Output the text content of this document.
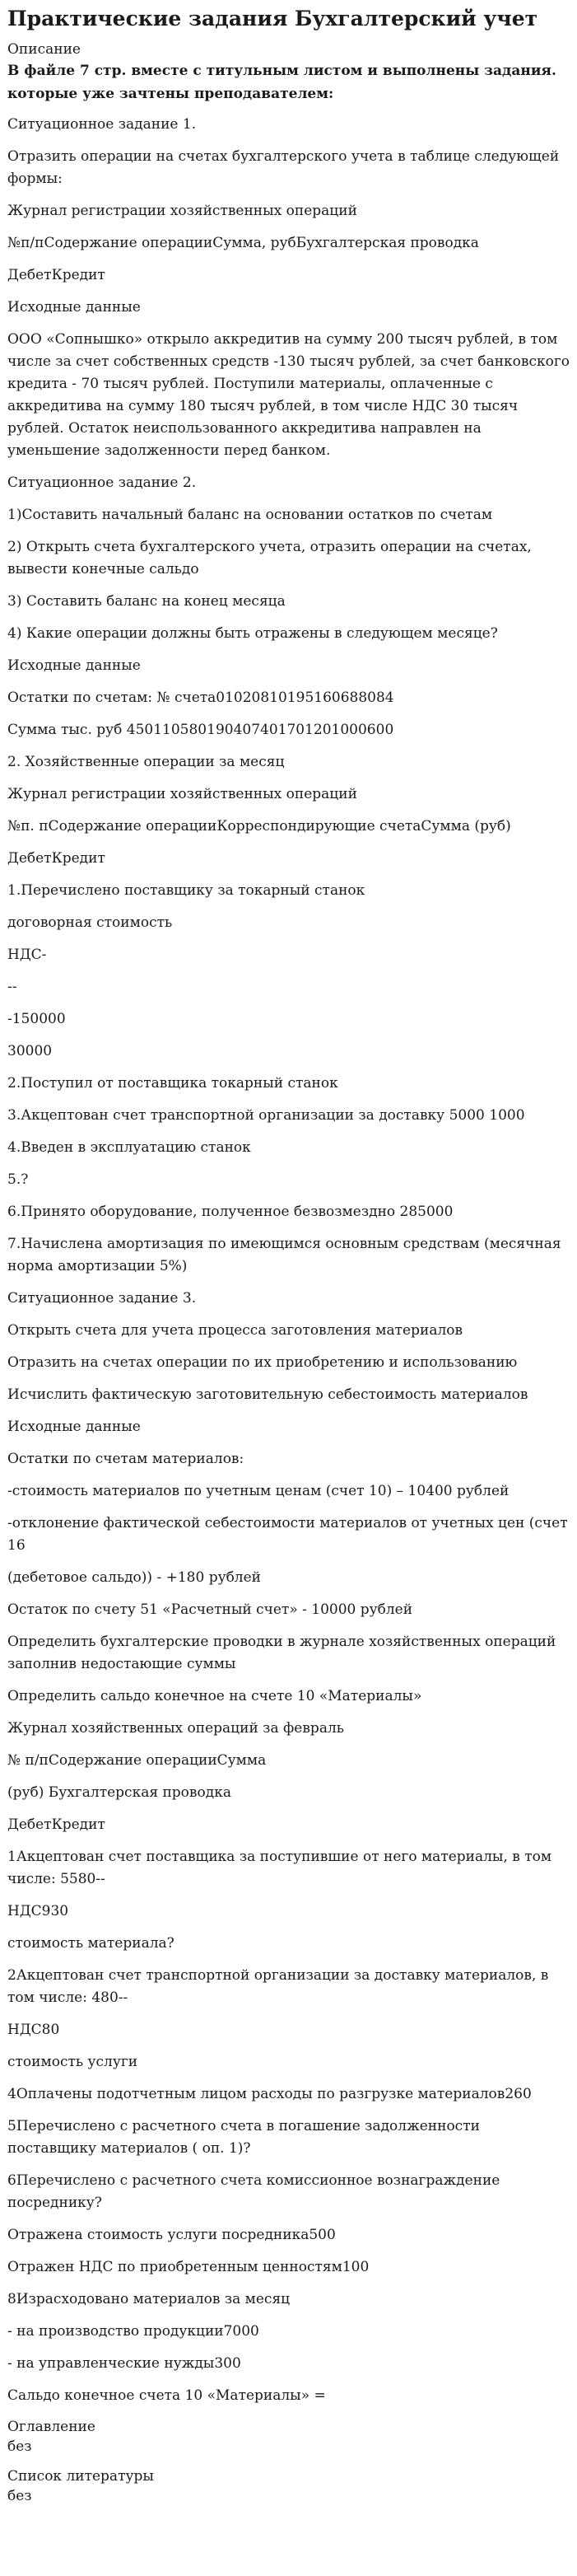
Практические задания Бухгалтерский учет

Описание

В файле 7 стр. вместе с титульным листом и выполнены задания. которые уже зачтены преподавателем:

Ситуационное задание 1.

Отразить операции на счетах бухгалтерского учета в таблице следующей формы:

Журнал регистрации хозяйственных операций

№п/пСодержание операцииСумма, рубБухгалтерская проводка

ДебетКредит

Исходные данные

ООО «Сопнышко» открыло аккредитив на сумму 200 тысяч рублей, в том числе за счет собственных средств -130 тысяч рублей, за счет банковского кредита - 70 тысяч рублей. Поступили материалы, оплаченные с аккредитива на сумму 180 тысяч рублей, в том числе НДС 30 тысяч рублей. Остаток неиспользованного аккредитива направлен на уменьшение задолженности перед банком.

Ситуационное задание 2.

1)Составить начальный баланс на основании остатков по счетам

2) Открыть счета бухгалтерского учета, отразить операции на счетах, вывести конечные сальдо

3) Составить баланс на конец месяца

4) Какие операции должны быть отражены в следующем месяце?

Исходные данные

Остатки по счетам: № счета01020810195160688084

Сумма тыс. руб 450110580190407401701201000600

2. Хозяйственные операции за месяц

Журнал регистрации хозяйственных операций

№п. пСодержание операцииКорреспондирующие счетаСумма (руб)

ДебетКредит

1.Перечислено поставщику за токарный станок

договорная стоимость

НДС-

--

-150000

30000

2.Поступил от поставщика токарный станок

3.Акцептован счет транспортной организации за доставку 5000 1000

4.Введен в эксплуатацию станок

5.?

6.Принято оборудование, полученное безвозмездно 285000

7.Начислена амортизация по имеющимся основным средствам (месячная норма амортизации 5%)

Ситуационное задание 3.

Открыть счета для учета процесса заготовления материалов

Отразить на счетах операции по их приобретению и использованию

Исчислить фактическую заготовительную себестоимость материалов

Исходные данные

Остатки по счетам материалов:

-стоимость материалов по учетным ценам (счет 10) – 10400 рублей

-отклонение фактической себестоимости материалов от учетных цен (счет 16

(дебетовое сальдо)) - +180 рублей

Остаток по счету 51 «Расчетный счет» - 10000 рублей

Определить бухгалтерские проводки в журнале хозяйственных операций заполнив недостающие суммы

Определить сальдо конечное на счете 10 «Материалы»

Журнал хозяйственных операций за февраль

№ п/пСодержание операцииСумма

(руб) Бухгалтерская проводка

ДебетКредит

1Акцептован счет поставщика за поступившие от него материалы, в том числе: 5580--

НДС930

стоимость материала?

2Акцептован счет транспортной организации за доставку материалов, в том числе: 480--

НДС80

стоимость услуги

4Оплачены подотчетным лицом расходы по разгрузке материалов260

5Перечислено с расчетного счета в погашение задолженности поставщику материалов ( оп. 1)?

6Перечислено с расчетного счета комиссионное вознаграждение посреднику?

Отражена стоимость услуги посредника500

Отражен НДС по приобретенным ценностям100

8Израсходовано материалов за месяц

- на производство продукции7000

- на управленческие нужды300

Сальдо конечное счета 10 «Материалы» =

Оглавление

без

Список литературы

без
